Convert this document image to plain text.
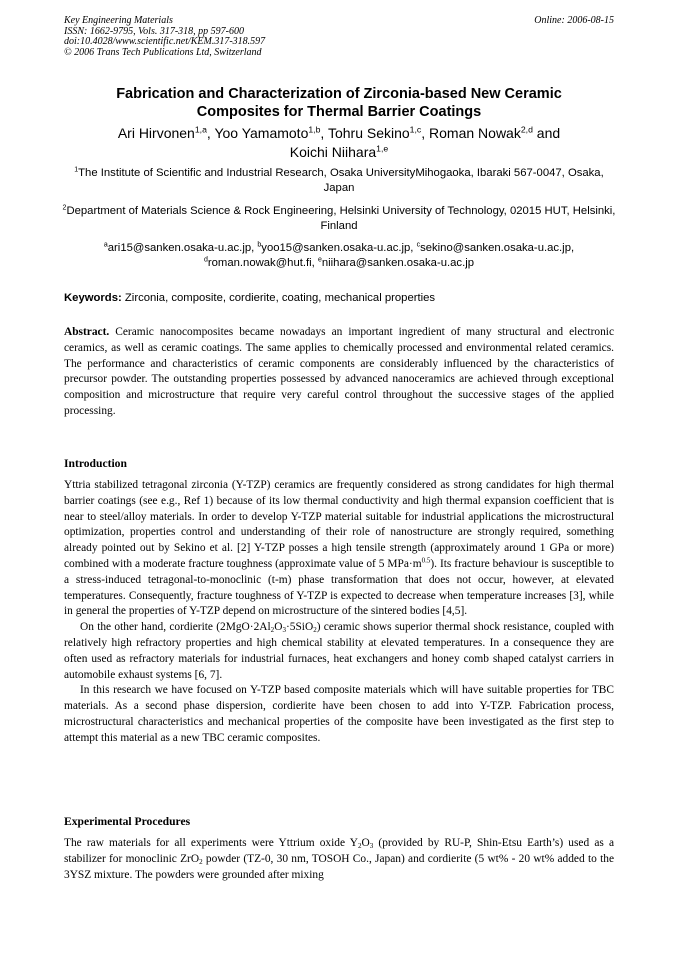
Key Engineering Materials
ISSN: 1662-9795, Vols. 317-318, pp 597-600
doi:10.4028/www.scientific.net/KEM.317-318.597
© 2006 Trans Tech Publications Ltd, Switzerland
Online: 2006-08-15
Fabrication and Characterization of Zirconia-based New Ceramic
Composites for Thermal Barrier Coatings
Ari Hirvonen$^{1,a}$, Yoo Yamamoto$^{1,b}$, Tohru Sekino$^{1,c}$, Roman Nowak$^{2,d}$ and
Koichi Niihara$^{1,e}$
$^1$The Institute of Scientific and Industrial Research, Osaka UniversityMihogaoka, Ibaraki 567-0047, Osaka, Japan
$^2$Department of Materials Science & Rock Engineering, Helsinki University of Technology, 02015 HUT, Helsinki, Finland
$^a$ari15@sanken.osaka-u.ac.jp, $^b$yoo15@sanken.osaka-u.ac.jp, $^c$sekino@sanken.osaka-u.ac.jp,
$^d$roman.nowak@hut.fi, $^e$niihara@sanken.osaka-u.ac.jp
Keywords: Zirconia, composite, cordierite, coating, mechanical properties

Abstract. Ceramic nanocomposites became nowadays an important ingredient of many structural and electronic ceramics, as well as ceramic coatings. The same applies to chemically processed and environmental related ceramics. The performance and characteristics of ceramic components are considerably influenced by the characteristics of precursor powder. The outstanding properties possessed by advanced nanoceramics are achieved through exceptional composition and microstructure that require very careful control throughout the successive stages of the applied processing.

Introduction

Yttria stabilized tetragonal zirconia (Y-TZP) ceramics are frequently considered as strong candidates for high thermal barrier coatings (see e.g., Ref 1) because of its low thermal conductivity and high thermal expansion coefficient that is near to steel/alloy materials. In order to develop Y-TZP material suitable for industrial applications the microstructural optimization, properties control and understanding of their role of nanostructure are strongly required, something already pointed out by Sekino et al. [2] Y-TZP posses a high tensile strength (approximately around 1 GPa or more) combined with a moderate fracture toughness (approximate value of 5 $MPa\cdot m^{0.5}$). Its fracture behaviour is susceptible to a stress-induced tetragonal-to-monoclinic (t-m) phase transformation that does not occur, however, at elevated temperatures. Consequently, fracture toughness of Y-TZP is expected to decrease when temperature increases [3], while in general the properties of Y-TZP depend on microstructure of the sintered bodies [4,5].

On the other hand, cordierite $(2MgO\cdot 2Al_2O_3\cdot 5SiO_2)$ ceramic shows superior thermal shock resistance, coupled with relatively high refractory properties and high chemical stability at elevated temperatures. In a consequence they are often used as refractory materials for industrial furnaces, heat exchangers and honey comb shaped catalyst carriers in automobile exhaust systems [6, 7].

In this research we have focused on Y-TZP based composite materials which will have suitable properties for TBC materials. As a second phase dispersion, cordierite have been chosen to add into Y-TZP. Fabrication process, microstructural characteristics and mechanical properties of the composite have been investigated as the first step to attempt this material as a new TBC ceramic composites.

Experimental Procedures

The raw materials for all experiments were Yttrium oxide $Y_2O_3$ (provided by RU-P, Shin-Etsu Earth’s) used as a stabilizer for monoclinic ZrO$_2$ powder (TZ-0, 30 nm, TOSOH Co., Japan) and cordierite (5 wt% - 20 wt% added to the 3YSZ mixture. The powders were grounded after mixing
